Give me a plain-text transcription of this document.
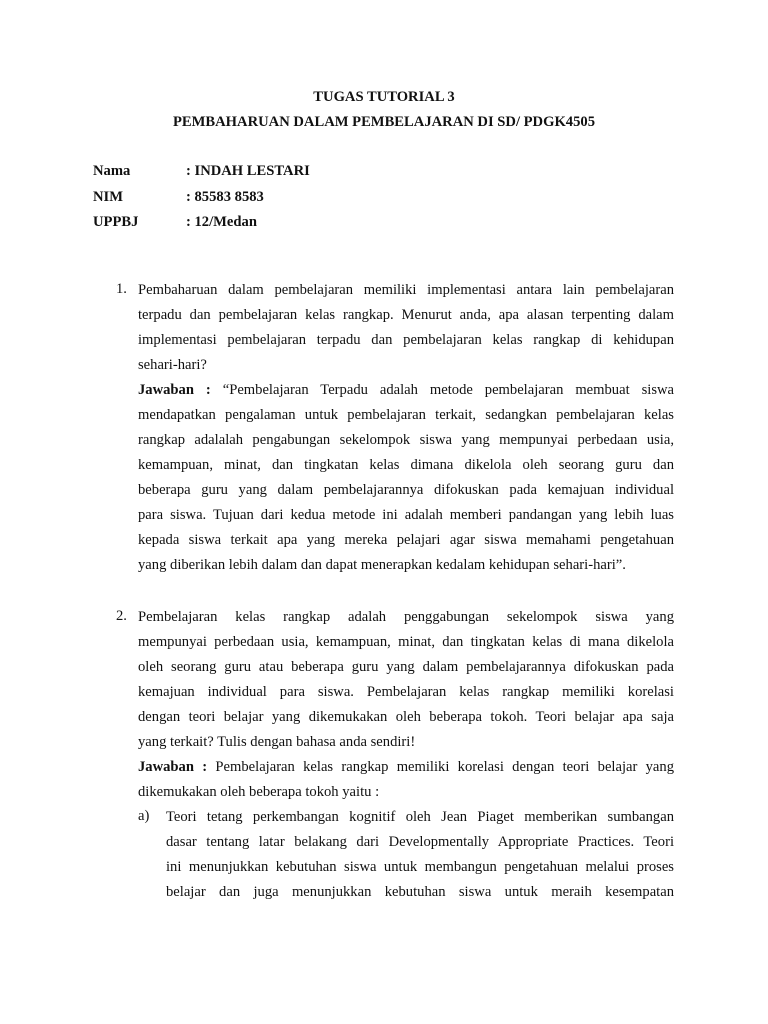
TUGAS TUTORIAL 3
PEMBAHARUAN DALAM PEMBELAJARAN DI SD/ PDGK4505
Nama	: INDAH LESTARI
NIM	: 85583 8583
UPPBJ	: 12/Medan
1. Pembaharuan dalam pembelajaran memiliki implementasi antara lain pembelajaran
terpadu dan pembelajaran kelas rangkap. Menurut anda, apa alasan terpenting dalam
implementasi pembelajaran terpadu dan pembelajaran kelas rangkap di kehidupan
sehari-hari?
Jawaban : “Pembelajaran Terpadu adalah metode pembelajaran membuat siswa
mendapatkan pengalaman untuk pembelajaran terkait, sedangkan pembelajaran kelas
rangkap adalalah pengabungan sekelompok siswa yang mempunyai perbedaan usia,
kemampuan, minat, dan tingkatan kelas dimana dikelola oleh seorang guru dan
beberapa guru yang dalam pembelajarannya difokuskan pada kemajuan individual
para siswa. Tujuan dari kedua metode ini adalah memberi pandangan yang lebih luas
kepada siswa terkait apa yang mereka pelajari agar siswa memahami pengetahuan
yang diberikan lebih dalam dan dapat menerapkan kedalam kehidupan sehari-hari”.
2. Pembelajaran kelas rangkap adalah penggabungan sekelompok siswa yang
mempunyai perbedaan usia, kemampuan, minat, dan tingkatan kelas di mana dikelola
oleh seorang guru atau beberapa guru yang dalam pembelajarannya difokuskan pada
kemajuan individual para siswa. Pembelajaran kelas rangkap memiliki korelasi
dengan teori belajar yang dikemukakan oleh beberapa tokoh. Teori belajar apa saja
yang terkait? Tulis dengan bahasa anda sendiri!
Jawaban : Pembelajaran kelas rangkap memiliki korelasi dengan teori belajar yang
dikemukakan oleh beberapa tokoh yaitu :
a) Teori tetang perkembangan kognitif oleh Jean Piaget memberikan sumbangan
dasar tentang latar belakang dari Developmentally Appropriate Practices. Teori
ini menunjukkan kebutuhan siswa untuk membangun pengetahuan melalui proses
belajar dan juga menunjukkan kebutuhan siswa untuk meraih kesempatan
